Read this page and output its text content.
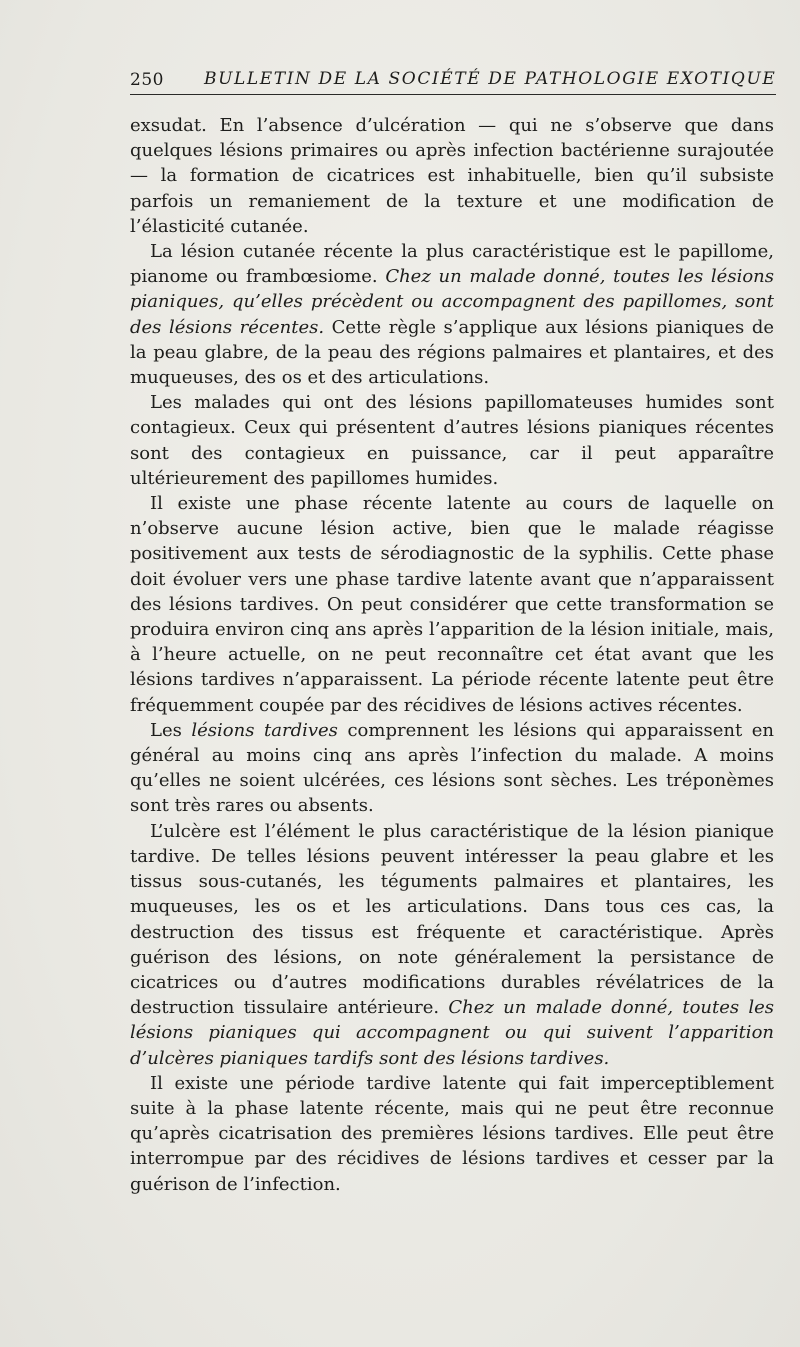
250 BULLETIN DE LA SOCIÉTÉ DE PATHOLOGIE EXOTIQUE

exsudat. En l’absence d’ulcération — qui ne s’observe que dans quelques lésions primaires ou après infection bactérienne surajoutée — la formation de cicatrices est inhabituelle, bien qu’il subsiste parfois un remaniement de la texture et une modification de l’élasticité cutanée.

La lésion cutanée récente la plus caractéristique est le papillome, pianome ou frambœsiome. Chez un malade donné, toutes les lésions pianiques, qu’elles précèdent ou accompagnent des papillomes, sont des lésions récentes. Cette règle s’applique aux lésions pianiques de la peau glabre, de la peau des régions palmaires et plantaires, et des muqueuses, des os et des articulations.

Les malades qui ont des lésions papillomateuses humides sont contagieux. Ceux qui présentent d’autres lésions pianiques récentes sont des contagieux en puissance, car il peut apparaître ultérieurement des papillomes humides.

Il existe une phase récente latente au cours de laquelle on n’observe aucune lésion active, bien que le malade réagisse positivement aux tests de sérodiagnostic de la syphilis. Cette phase doit évoluer vers une phase tardive latente avant que n’apparaissent des lésions tardives. On peut considérer que cette transformation se produira environ cinq ans après l’apparition de la lésion initiale, mais, à l’heure actuelle, on ne peut reconnaître cet état avant que les lésions tardives n’apparaissent. La période récente latente peut être fréquemment coupée par des récidives de lésions actives récentes.

Les lésions tardives comprennent les lésions qui apparaissent en général au moins cinq ans après l’infection du malade. A moins qu’elles ne soient ulcérées, ces lésions sont sèches. Les tréponèmes sont très rares ou absents.

L’ulcère est l’élément le plus caractéristique de la lésion pianique tardive. De telles lésions peuvent intéresser la peau glabre et les tissus sous-cutanés, les téguments palmaires et plantaires, les muqueuses, les os et les articulations. Dans tous ces cas, la destruction des tissus est fréquente et caractéristique. Après guérison des lésions, on note généralement la persistance de cicatrices ou d’autres modifications durables révélatrices de la destruction tissulaire antérieure. Chez un malade donné, toutes les lésions pianiques qui accompagnent ou qui suivent l’apparition d’ulcères pianiques tardifs sont des lésions tardives.

Il existe une période tardive latente qui fait imperceptiblement suite à la phase latente récente, mais qui ne peut être reconnue qu’après cicatrisation des premières lésions tardives. Elle peut être interrompue par des récidives de lésions tardives et cesser par la guérison de l’infection.
